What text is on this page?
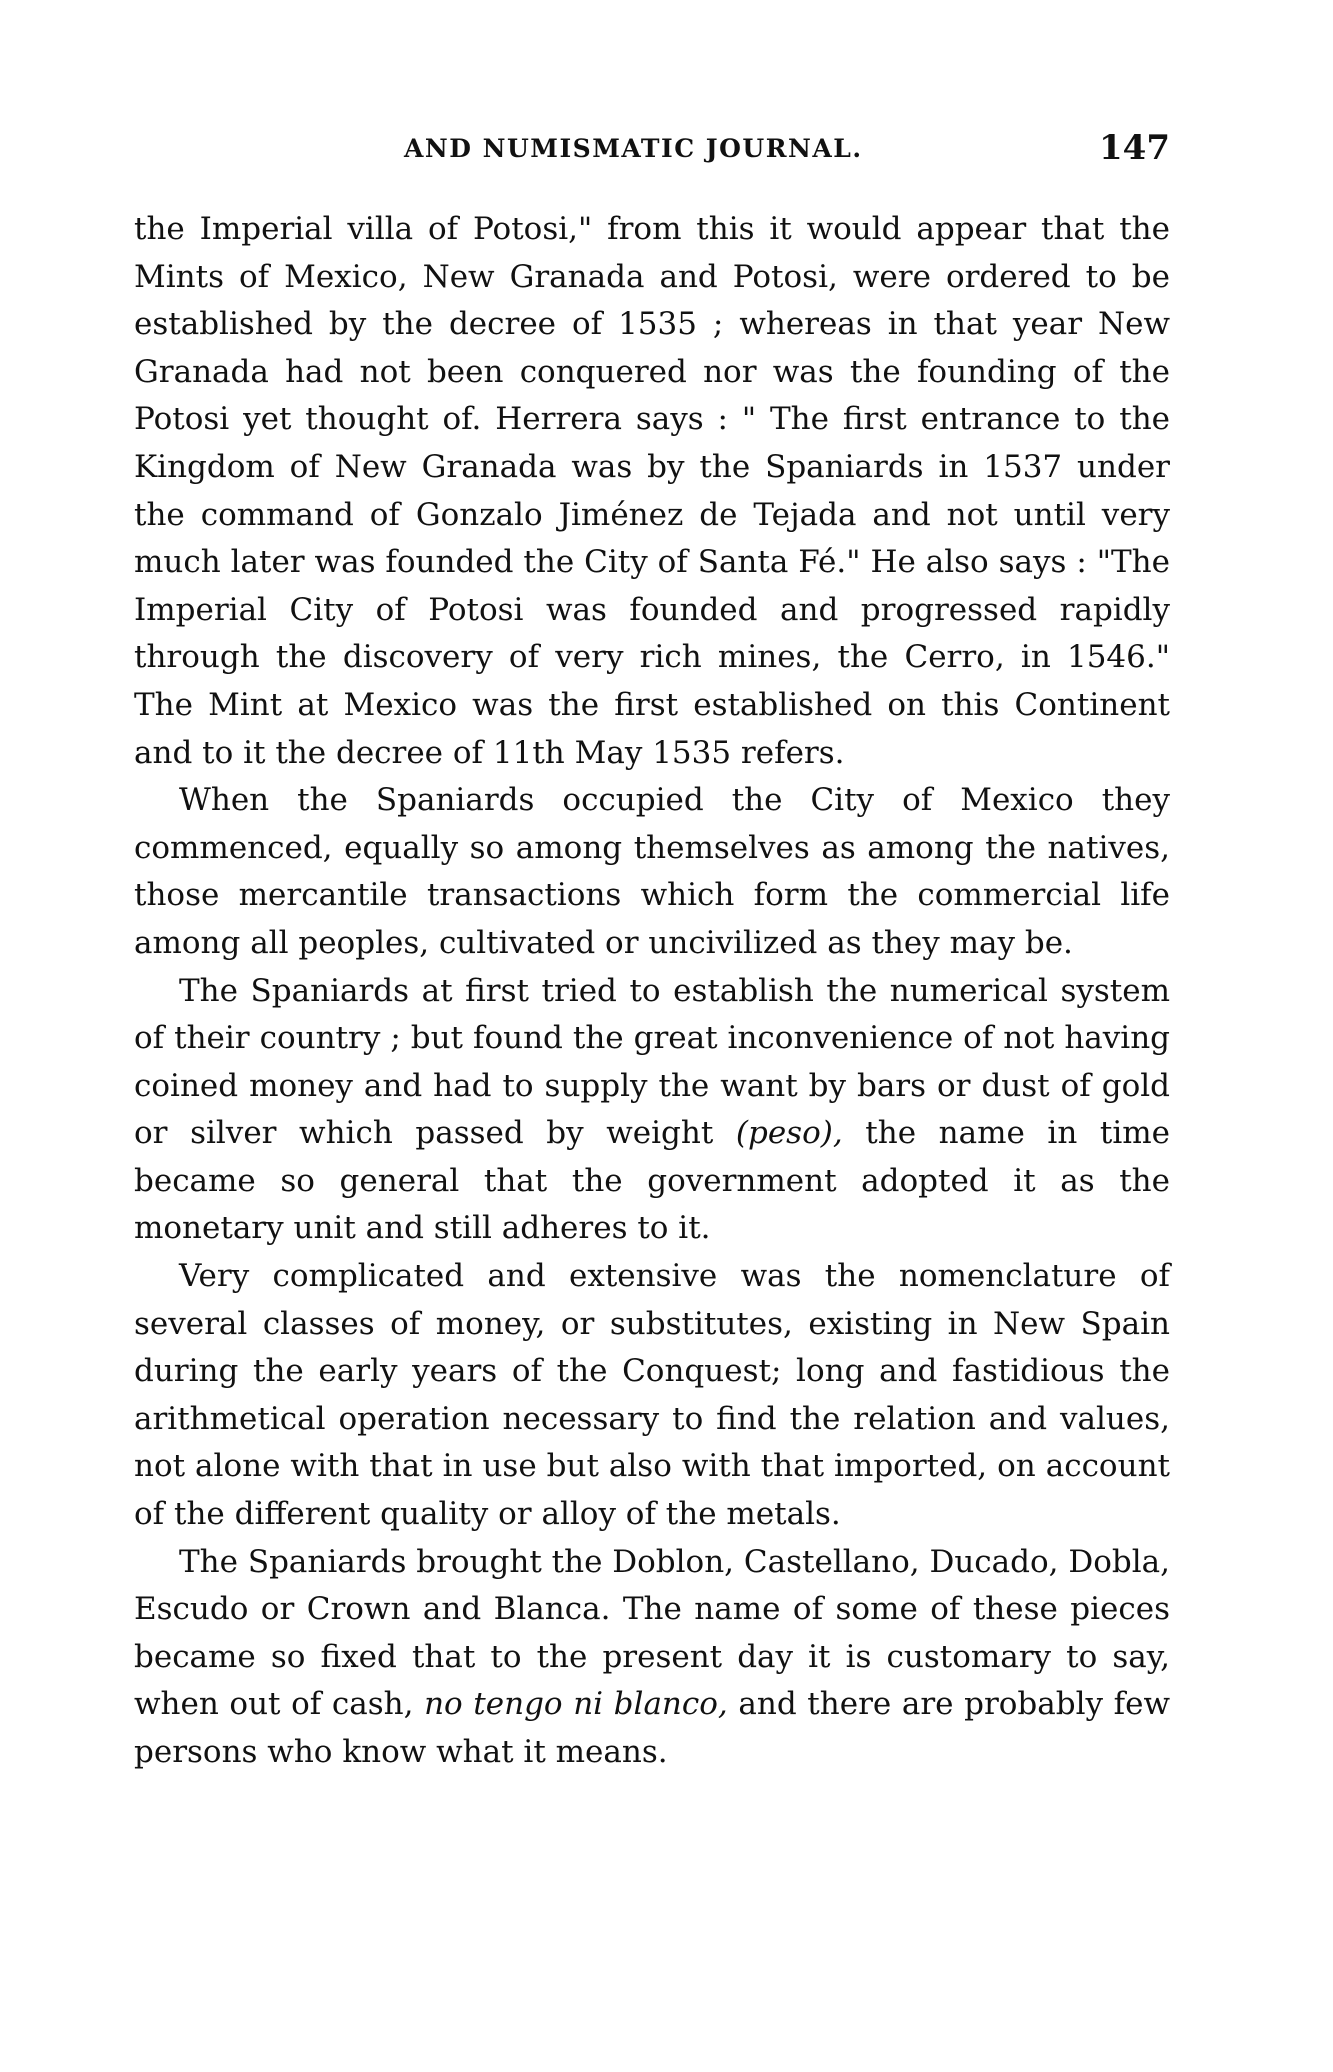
AND NUMISMATIC JOURNAL.	147

the Imperial villa of Potosi," from this it would appear that the Mints of Mexico, New Granada and Potosi, were ordered to be established by the decree of 1535 ; whereas in that year New Granada had not been conquered nor was the founding of the Potosi yet thought of. Herrera says : " The first entrance to the Kingdom of New Granada was by the Spaniards in 1537 under the command of Gonzalo Jiménez de Tejada and not until very much later was founded the City of Santa Fé." He also says : "The Imperial City of Potosi was founded and progressed rapidly through the discovery of very rich mines, the Cerro, in 1546." The Mint at Mexico was the first established on this Continent and to it the decree of 11th May 1535 refers.

When the Spaniards occupied the City of Mexico they commenced, equally so among themselves as among the natives, those mercantile transactions which form the commercial life among all peoples, cultivated or uncivilized as they may be.

The Spaniards at first tried to establish the numerical system of their country ; but found the great inconvenience of not having coined money and had to supply the want by bars or dust of gold or silver which passed by weight (peso), the name in time became so general that the government adopted it as the monetary unit and still adheres to it.

Very complicated and extensive was the nomenclature of several classes of money, or substitutes, existing in New Spain during the early years of the Conquest; long and fastidious the arithmetical operation necessary to find the relation and values, not alone with that in use but also with that imported, on account of the different quality or alloy of the metals.

The Spaniards brought the Doblon, Castellano, Ducado, Dobla, Escudo or Crown and Blanca. The name of some of these pieces became so fixed that to the present day it is customary to say, when out of cash, no tengo ni blanco, and there are probably few persons who know what it means.
